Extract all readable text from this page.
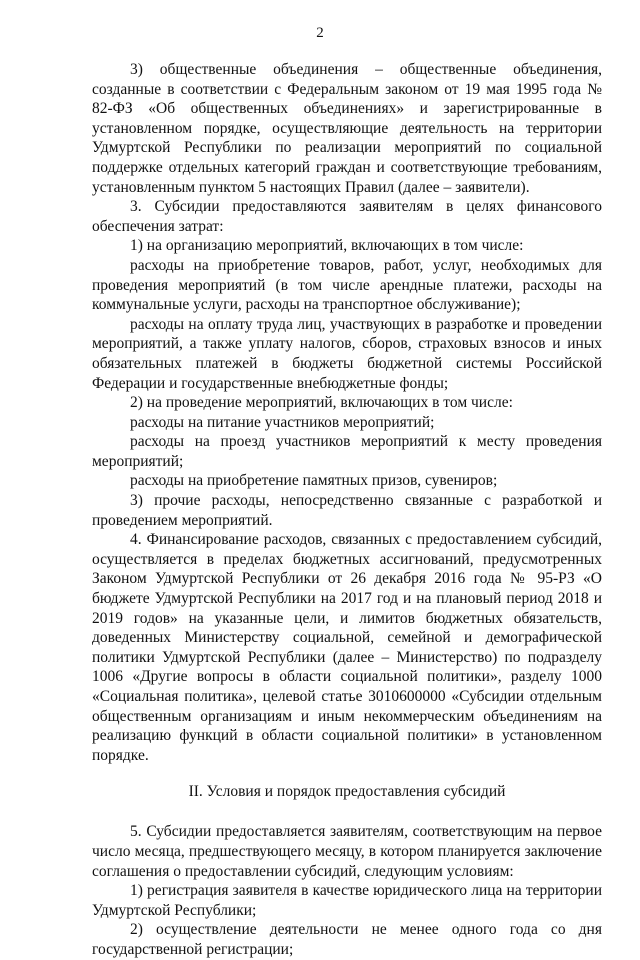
2

3) общественные объединения – общественные объединения, созданные в соответствии с Федеральным законом от 19 мая 1995 года № 82-ФЗ «Об общественных объединениях» и зарегистрированные в установленном порядке, осуществляющие деятельность на территории Удмуртской Республики по реализации мероприятий по социальной поддержке отдельных категорий граждан и соответствующие требованиям, установленным пунктом 5 настоящих Правил (далее – заявители).

3. Субсидии предоставляются заявителям в целях финансового обеспечения затрат:

1) на организацию мероприятий, включающих в том числе:

расходы на приобретение товаров, работ, услуг, необходимых для проведения мероприятий (в том числе арендные платежи, расходы на коммунальные услуги, расходы на транспортное обслуживание);

расходы на оплату труда лиц, участвующих в разработке и проведении мероприятий, а также уплату налогов, сборов, страховых взносов и иных обязательных платежей в бюджеты бюджетной системы Российской Федерации и государственные внебюджетные фонды;

2) на проведение мероприятий, включающих в том числе:

расходы на питание участников мероприятий;

расходы на проезд участников мероприятий к месту проведения мероприятий;

расходы на приобретение памятных призов, сувениров;

3) прочие расходы, непосредственно связанные с разработкой и проведением мероприятий.

4. Финансирование расходов, связанных с предоставлением субсидий, осуществляется в пределах бюджетных ассигнований, предусмотренных Законом Удмуртской Республики от 26 декабря 2016 года № 95-РЗ «О бюджете Удмуртской Республики на 2017 год и на плановый период 2018 и 2019 годов» на указанные цели, и лимитов бюджетных обязательств, доведенных Министерству социальной, семейной и демографической политики Удмуртской Республики (далее – Министерство) по подразделу 1006 «Другие вопросы в области социальной политики», разделу 1000 «Социальная политика», целевой статье 3010600000 «Субсидии отдельным общественным организациям и иным некоммерческим объединениям на реализацию функций в области социальной политики» в установленном порядке.

II. Условия и порядок предоставления субсидий

5. Субсидии предоставляется заявителям, соответствующим на первое число месяца, предшествующего месяцу, в котором планируется заключение соглашения о предоставлении субсидий, следующим условиям:

1) регистрация заявителя в качестве юридического лица на территории Удмуртской Республики;

2) осуществление деятельности не менее одного года со дня государственной регистрации;
